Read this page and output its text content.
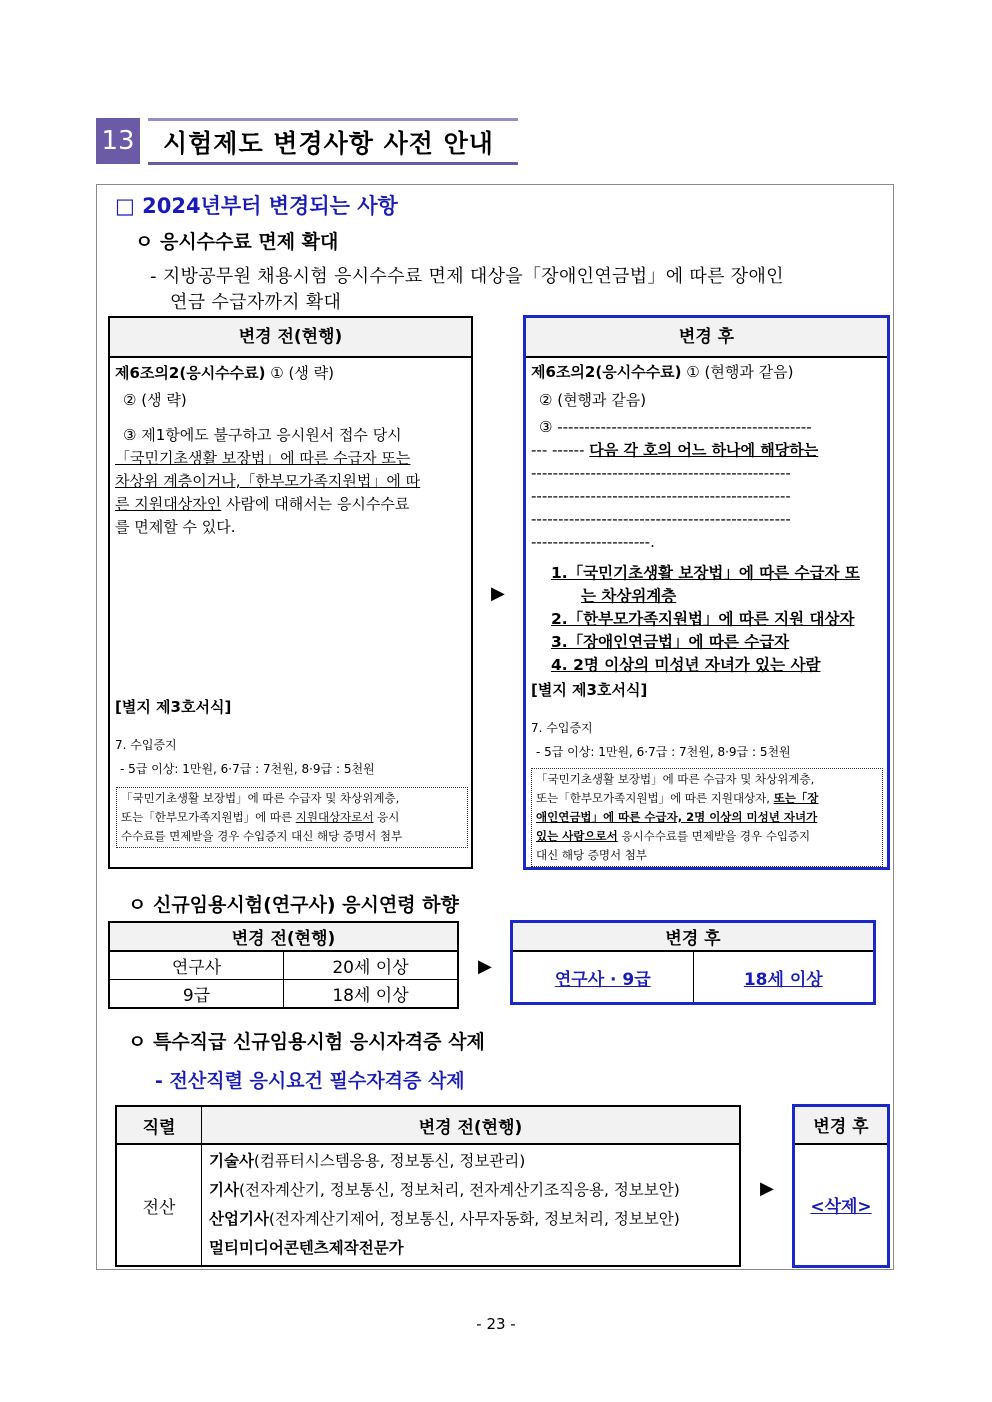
13 시험제도 변경사항 사전 안내
□ 2024년부터 변경되는 사항
ㅇ 응시수수료 면제 확대
- 지방공무원 채용시험 응시수수료 면제 대상을「장애인연금법」에 따른 장애인
연금 수급자까지 확대
변경 전(현행)
제6조의2(응시수수료) ① (생 략)
② (생 략)
③ 제1항에도 불구하고 응시원서 접수 당시
「국민기초생활 보장법」에 따른 수급자 또는
차상위 계층이거나,「한부모가족지원법」에 따
른 지원대상자인 사람에 대해서는 응시수수료
를 면제할 수 있다.
[별지 제3호서식]
7. 수입증지
- 5급 이상: 1만원, 6·7급 : 7천원, 8·9급 : 5천원
「국민기초생활 보장법」에 따른 수급자 및 차상위계층,
또는「한부모가족지원법」에 따른 지원대상자로서 응시
수수료를 면제받을 경우 수입증지 대신 해당 증명서 첨부
▶
변경 후
제6조의2(응시수수료) ① (현행과 같음)
② (현행과 같음)
③ -----------------------------------------------
--- ------ 다음 각 호의 어느 하나에 해당하는
------------------------------------------------
------------------------------------------------
------------------------------------------------
----------------------.
1.「국민기초생활 보장법」에 따른 수급자 또
는 차상위계층
2.「한부모가족지원법」에 따른 지원 대상자
3.「장애인연금법」에 따른 수급자
4. 2명 이상의 미성년 자녀가 있는 사람
[별지 제3호서식]
7. 수입증지
- 5급 이상: 1만원, 6·7급 : 7천원, 8·9급 : 5천원
「국민기초생활 보장법」에 따른 수급자 및 차상위계층,
또는「한부모가족지원법」에 따른 지원대상자, 또는「장
애인연금법」에 따른 수급자, 2명 이상의 미성년 자녀가
있는 사람으로서 응시수수료를 면제받을 경우 수입증지
대신 해당 증명서 첨부
ㅇ 신규임용시험(연구사) 응시연령 하향
변경 전(현행)	
연구사	20세 이상
9급	18세 이상
▶
변경 후
연구사 · 9급	18세 이상
ㅇ 특수직급 신규임용시험 응시자격증 삭제
- 전산직렬 응시요건 필수자격증 삭제
직렬	변경 전(현행)
전산	기술사(컴퓨터시스템응용, 정보통신, 정보관리)
기사(전자계산기, 정보통신, 정보처리, 전자계산기조직응용, 정보보안)
산업기사(전자계산기제어, 정보통신, 사무자동화, 정보처리, 정보보안)
멀티미디어콘텐츠제작전문가
▶
변경 후
<삭제>
- 23 -
